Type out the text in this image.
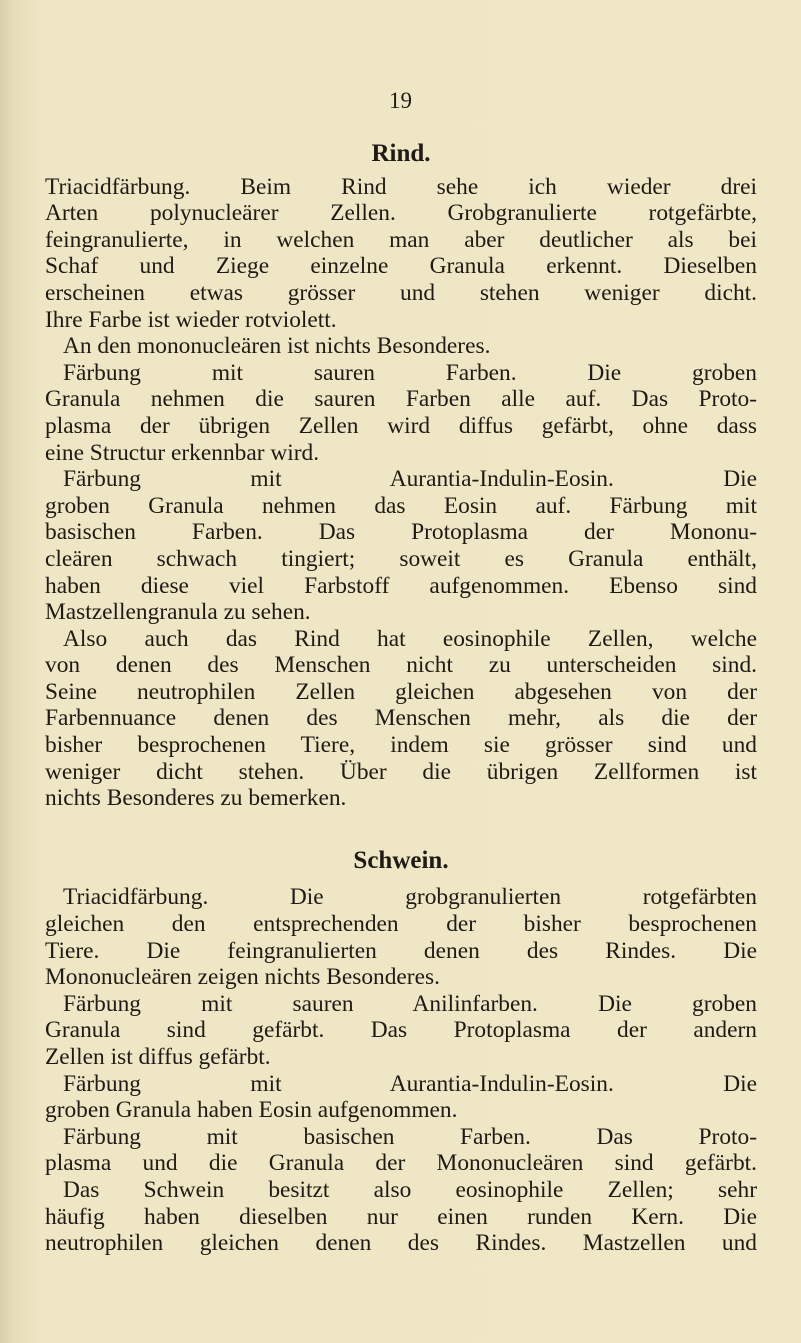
19
Rind.
Triacidfärbung. Beim Rind sehe ich wieder drei
Arten polynucleärer Zellen. Grobgranulierte rotgefärbte,
feingranulierte, in welchen man aber deutlicher als bei
Schaf und Ziege einzelne Granula erkennt. Dieselben
erscheinen etwas grösser und stehen weniger dicht.
Ihre Farbe ist wieder rotviolett.
An den mononucleären ist nichts Besonderes.
Färbung mit sauren Farben. Die groben
Granula nehmen die sauren Farben alle auf. Das Proto-
plasma der übrigen Zellen wird diffus gefärbt, ohne dass
eine Structur erkennbar wird.
Färbung mit Aurantia-Indulin-Eosin. Die
groben Granula nehmen das Eosin auf. Färbung mit
basischen Farben. Das Protoplasma der Mononu-
cleären schwach tingiert; soweit es Granula enthält,
haben diese viel Farbstoff aufgenommen. Ebenso sind
Mastzellengranula zu sehen.
Also auch das Rind hat eosinophile Zellen, welche
von denen des Menschen nicht zu unterscheiden sind.
Seine neutrophilen Zellen gleichen abgesehen von der
Farbennuance denen des Menschen mehr, als die der
bisher besprochenen Tiere, indem sie grösser sind und
weniger dicht stehen. Über die übrigen Zellformen ist
nichts Besonderes zu bemerken.
Schwein.
Triacidfärbung. Die grobgranulierten rotgefärbten
gleichen den entsprechenden der bisher besprochenen
Tiere. Die feingranulierten denen des Rindes. Die
Mononucleären zeigen nichts Besonderes.
Färbung mit sauren Anilinfarben. Die groben
Granula sind gefärbt. Das Protoplasma der andern
Zellen ist diffus gefärbt.
Färbung mit Aurantia-Indulin-Eosin. Die
groben Granula haben Eosin aufgenommen.
Färbung mit basischen Farben. Das Proto-
plasma und die Granula der Mononucleären sind gefärbt.
Das Schwein besitzt also eosinophile Zellen; sehr
häufig haben dieselben nur einen runden Kern. Die
neutrophilen gleichen denen des Rindes. Mastzellen und
